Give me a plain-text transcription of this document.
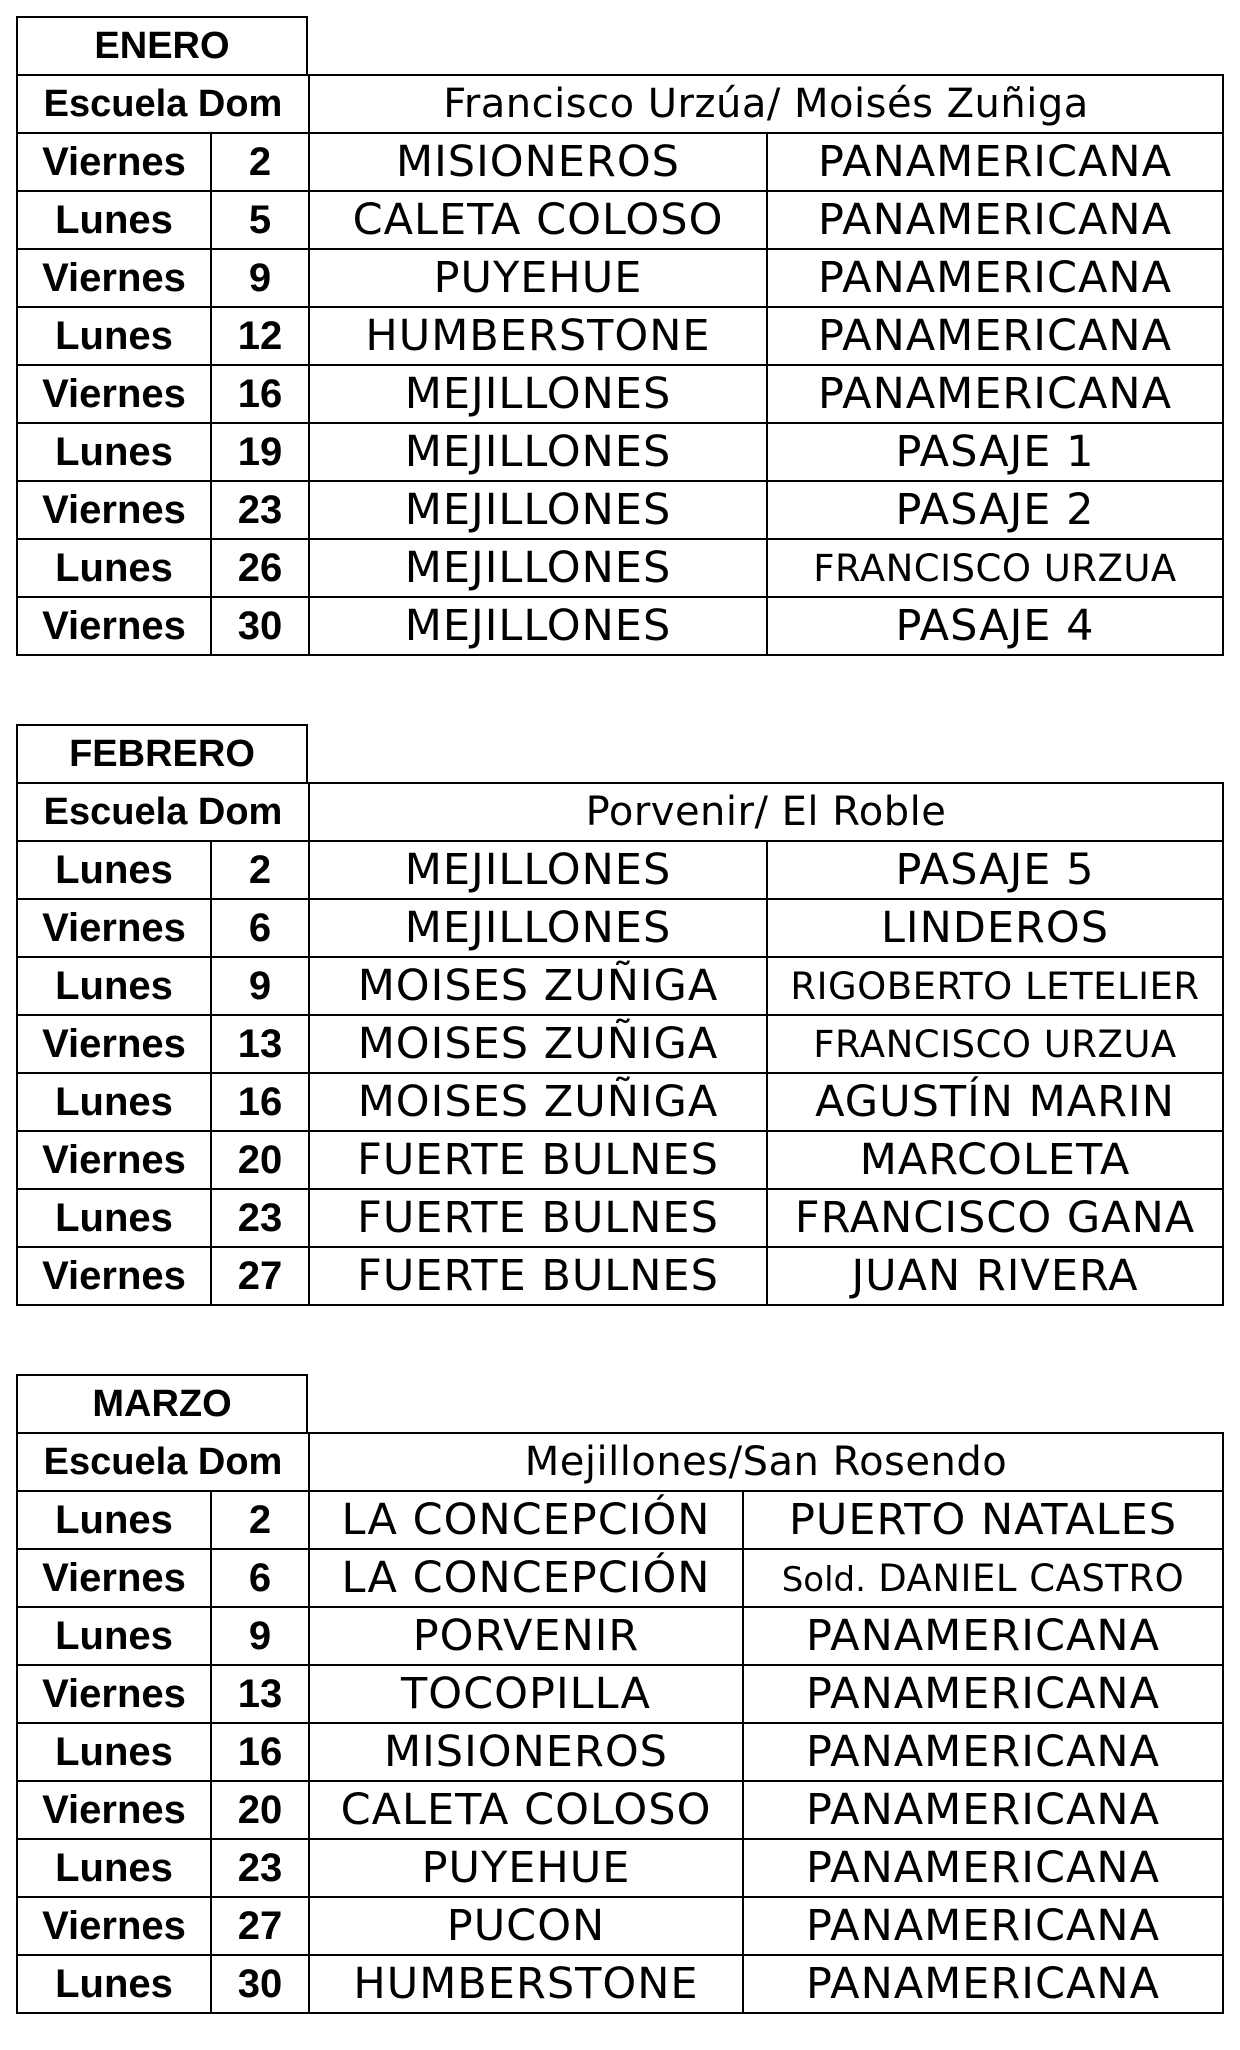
ENERO
Escuela Dom		Francisco Urzúa/ Moisés Zuñiga	
Viernes	2	MISIONEROS	PANAMERICANA
Lunes	5	CALETA COLOSO	PANAMERICANA
Viernes	9	PUYEHUE	PANAMERICANA
Lunes	12	HUMBERSTONE	PANAMERICANA
Viernes	16	MEJILLONES	PANAMERICANA
Lunes	19	MEJILLONES	PASAJE 1
Viernes	23	MEJILLONES	PASAJE 2
Lunes	26	MEJILLONES	FRANCISCO URZUA
Viernes	30	MEJILLONES	PASAJE 4
FEBRERO
Escuela Dom		Porvenir/ El Roble	
Lunes	2	MEJILLONES	PASAJE 5
Viernes	6	MEJILLONES	LINDEROS
Lunes	9	MOISES ZUÑIGA	RIGOBERTO LETELIER
Viernes	13	MOISES ZUÑIGA	FRANCISCO URZUA
Lunes	16	MOISES ZUÑIGA	AGUSTÍN MARIN
Viernes	20	FUERTE BULNES	MARCOLETA
Lunes	23	FUERTE BULNES	FRANCISCO GANA
Viernes	27	FUERTE BULNES	JUAN RIVERA
MARZO
Escuela Dom		Mejillones/San Rosendo	
Lunes	2	LA CONCEPCIÓN	PUERTO NATALES
Viernes	6	LA CONCEPCIÓN	Sold. DANIEL CASTRO
Lunes	9	PORVENIR	PANAMERICANA
Viernes	13	TOCOPILLA	PANAMERICANA
Lunes	16	MISIONEROS	PANAMERICANA
Viernes	20	CALETA COLOSO	PANAMERICANA
Lunes	23	PUYEHUE	PANAMERICANA
Viernes	27	PUCON	PANAMERICANA
Lunes	30	HUMBERSTONE	PANAMERICANA
